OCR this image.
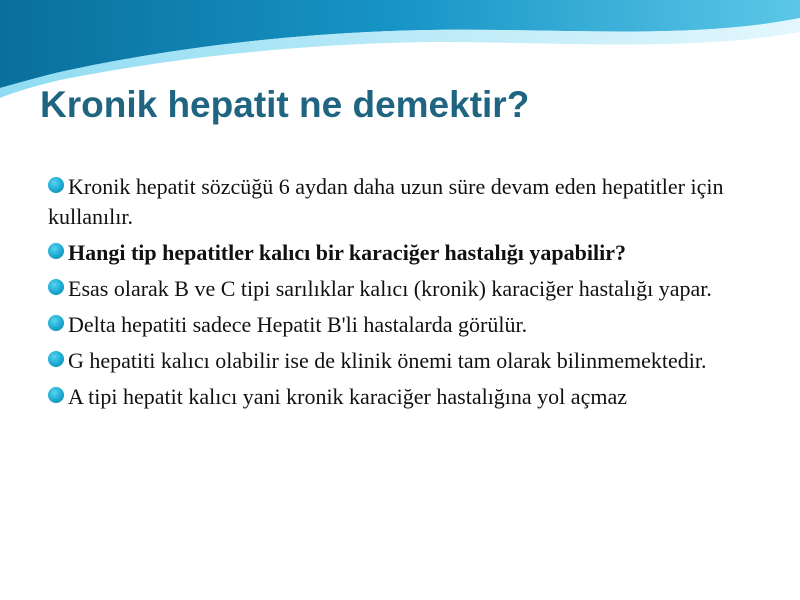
Kronik hepatit ne demektir?
Kronik hepatit sözcüğü 6 aydan daha uzun süre devam eden hepatitler için kullanılır.
Hangi tip hepatitler kalıcı bir karaciğer hastalığı yapabilir?
Esas olarak B ve C tipi sarılıklar kalıcı (kronik) karaciğer hastalığı yapar.
Delta hepatiti sadece Hepatit B'li hastalarda görülür.
G hepatiti kalıcı olabilir ise de klinik önemi tam olarak bilinmemektedir.
A tipi hepatit kalıcı yani kronik karaciğer hastalığına yol açmaz
